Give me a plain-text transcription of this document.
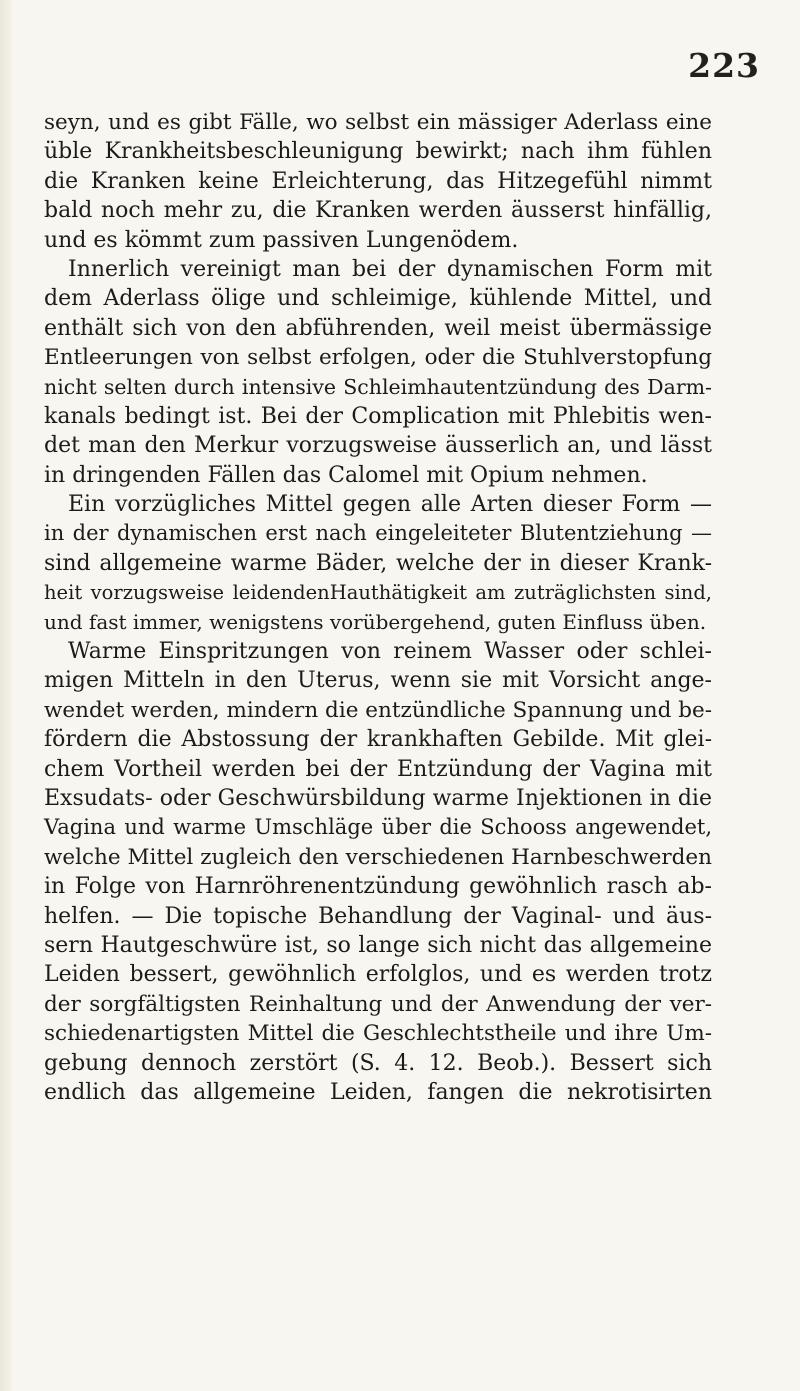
223
seyn, und es gibt Fälle, wo selbst ein mässiger Aderlass eine
üble Krankheitsbeschleunigung bewirkt; nach ihm fühlen
die Kranken keine Erleichterung, das Hitzegefühl nimmt
bald noch mehr zu, die Kranken werden äusserst hinfällig,
und es kömmt zum passiven Lungenödem.
Innerlich vereinigt man bei der dynamischen Form mit
dem Aderlass ölige und schleimige, kühlende Mittel, und
enthält sich von den abführenden, weil meist übermässige
Entleerungen von selbst erfolgen, oder die Stuhlverstopfung
nicht selten durch intensive Schleimhautentzündung des Darm-
kanals bedingt ist. Bei der Complication mit Phlebitis wen-
det man den Merkur vorzugsweise äusserlich an, und lässt
in dringenden Fällen das Calomel mit Opium nehmen.
Ein vorzügliches Mittel gegen alle Arten dieser Form —
in der dynamischen erst nach eingeleiteter Blutentziehung —
sind allgemeine warme Bäder, welche der in dieser Krank-
heit vorzugsweise leidendenHauthätigkeit am zuträglichsten sind,
und fast immer, wenigstens vorübergehend, guten Einfluss üben.
Warme Einspritzungen von reinem Wasser oder schlei-
migen Mitteln in den Uterus, wenn sie mit Vorsicht ange-
wendet werden, mindern die entzündliche Spannung und be-
fördern die Abstossung der krankhaften Gebilde. Mit glei-
chem Vortheil werden bei der Entzündung der Vagina mit
Exsudats- oder Geschwürsbildung warme Injektionen in die
Vagina und warme Umschläge über die Schooss angewendet,
welche Mittel zugleich den verschiedenen Harnbeschwerden
in Folge von Harnröhrenentzündung gewöhnlich rasch ab-
helfen. — Die topische Behandlung der Vaginal- und äus-
sern Hautgeschwüre ist, so lange sich nicht das allgemeine
Leiden bessert, gewöhnlich erfolglos, und es werden trotz
der sorgfältigsten Reinhaltung und der Anwendung der ver-
schiedenartigsten Mittel die Geschlechtstheile und ihre Um-
gebung dennoch zerstört (S. 4. 12. Beob.). Bessert sich
endlich das allgemeine Leiden, fangen die nekrotisirten
